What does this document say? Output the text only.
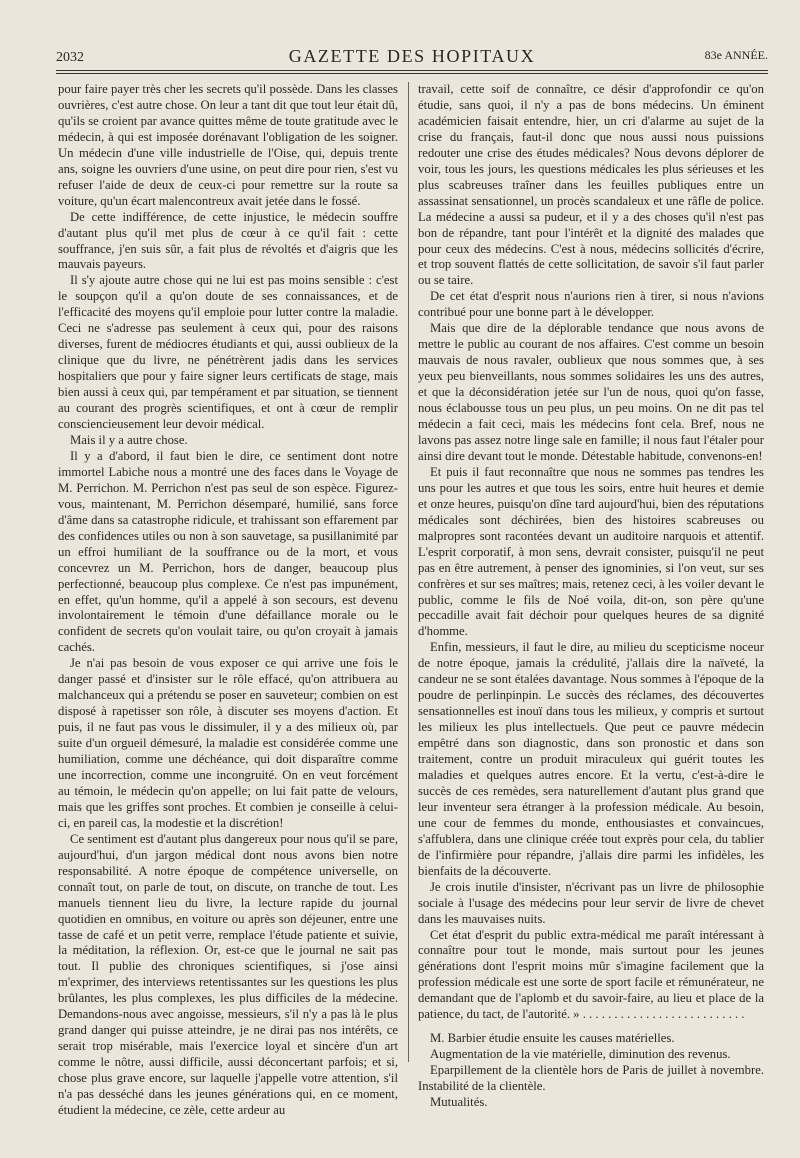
2032	GAZETTE DES HOPITAUX	83e ANNÉE.

pour faire payer très cher les secrets qu'il possède. Dans les classes ouvrières, c'est autre chose. On leur a tant dit que tout leur était dû, qu'ils se croient par avance quittes même de toute gratitude avec le médecin, à qui est imposée dorénavant l'obligation de les soigner. Un médecin d'une ville industrielle de l'Oise, qui, depuis trente ans, soigne les ouvriers d'une usine, on peut dire pour rien, s'est vu refuser l'aide de deux de ceux-ci pour remettre sur la route sa voiture, qu'un écart malencontreux avait jetée dans le fossé.

De cette indifférence, de cette injustice, le médecin souffre d'autant plus qu'il met plus de cœur à ce qu'il fait : cette souffrance, j'en suis sûr, a fait plus de révoltés et d'aigris que les mauvais payeurs.

Il s'y ajoute autre chose qui ne lui est pas moins sensible : c'est le soupçon qu'il a qu'on doute de ses connaissances, et de l'efficacité des moyens qu'il emploie pour lutter contre la maladie. Ceci ne s'adresse pas seulement à ceux qui, pour des raisons diverses, furent de médiocres étudiants et qui, aussi oublieux de la clinique que du livre, ne pénétrèrent jadis dans les services hospitaliers que pour y faire signer leurs certificats de stage, mais bien aussi à ceux qui, par tempérament et par situation, se tiennent au courant des progrès scientifiques, et ont à cœur de remplir consciencieusement leur devoir médical.

Mais il y a autre chose.

Il y a d'abord, il faut bien le dire, ce sentiment dont notre immortel Labiche nous a montré une des faces dans le Voyage de M. Perrichon. M. Perrichon n'est pas seul de son espèce. Figurez-vous, maintenant, M. Perrichon désemparé, humilié, sans force d'âme dans sa catastrophe ridicule, et trahissant son effarement par des confidences utiles ou non à son sauvetage, sa pusillanimité par un effroi humiliant de la souffrance ou de la mort, et vous concevrez un M. Perrichon, hors de danger, beaucoup plus perfectionné, beaucoup plus complexe. Ce n'est pas impunément, en effet, qu'un homme, qu'il a appelé à son secours, est devenu involontairement le témoin d'une défaillance morale ou le confident de secrets qu'on voulait taire, ou qu'on croyait à jamais cachés.

Je n'ai pas besoin de vous exposer ce qui arrive une fois le danger passé et d'insister sur le rôle effacé, qu'on attribuera au malchanceux qui a prétendu se poser en sauveteur; combien on est disposé à rapetisser son rôle, à discuter ses moyens d'action. Et puis, il ne faut pas vous le dissimuler, il y a des milieux où, par suite d'un orgueil démesuré, la maladie est considérée comme une humiliation, comme une déchéance, qui doit disparaître comme une incorrection, comme une incongruité. On en veut forcément au témoin, le médecin qu'on appelle; on lui fait patte de velours, mais que les griffes sont proches. Et combien je conseille à celui-ci, en pareil cas, la modestie et la discrétion!

Ce sentiment est d'autant plus dangereux pour nous qu'il se pare, aujourd'hui, d'un jargon médical dont nous avons bien notre responsabilité. A notre époque de compétence universelle, on connaît tout, on parle de tout, on discute, on tranche de tout. Les manuels tiennent lieu du livre, la lecture rapide du journal quotidien en omnibus, en voiture ou après son déjeuner, entre une tasse de café et un petit verre, remplace l'étude patiente et suivie, la méditation, la réflexion. Or, est-ce que le journal ne sait pas tout. Il publie des chroniques scientifiques, si j'ose ainsi m'exprimer, des interviews retentissantes sur les questions les plus brûlantes, les plus complexes, les plus difficiles de la médecine. Demandons-nous avec angoisse, messieurs, s'il n'y a pas là le plus grand danger qui puisse atteindre, je ne dirai pas nos intérêts, ce serait trop misérable, mais l'exercice loyal et sincère d'un art comme le nôtre, aussi difficile, aussi déconcertant parfois; et si, chose plus grave encore, sur laquelle j'appelle votre attention, s'il n'a pas desséché dans les jeunes générations qui, en ce moment, étudient la médecine, ce zèle, cette ardeur au

travail, cette soif de connaître, ce désir d'approfondir ce qu'on étudie, sans quoi, il n'y a pas de bons médecins. Un éminent académicien faisait entendre, hier, un cri d'alarme au sujet de la crise du français, faut-il donc que nous aussi nous puissions redouter une crise des études médicales? Nous devons déplorer de voir, tous les jours, les questions médicales les plus sérieuses et les plus scabreuses traîner dans les feuilles publiques entre un assassinat sensationnel, un procès scandaleux et une râfle de police. La médecine a aussi sa pudeur, et il y a des choses qu'il n'est pas bon de répandre, tant pour l'intérêt et la dignité des malades que pour ceux des médecins. C'est à nous, médecins sollicités d'écrire, et trop souvent flattés de cette sollicitation, de savoir s'il faut parler ou se taire.

De cet état d'esprit nous n'aurions rien à tirer, si nous n'avions contribué pour une bonne part à le développer.

Mais que dire de la déplorable tendance que nous avons de mettre le public au courant de nos affaires. C'est comme un besoin mauvais de nous ravaler, oublieux que nous sommes que, à ses yeux peu bienveillants, nous sommes solidaires les uns des autres, et que la déconsidération jetée sur l'un de nous, quoi qu'on fasse, nous éclabousse tous un peu plus, un peu moins. On ne dit pas tel médecin a fait ceci, mais les médecins font cela. Bref, nous ne lavons pas assez notre linge sale en famille; il nous faut l'étaler pour ainsi dire devant tout le monde. Détestable habitude, convenons-en!

Et puis il faut reconnaître que nous ne sommes pas tendres les uns pour les autres et que tous les soirs, entre huit heures et demie et onze heures, puisqu'on dîne tard aujourd'hui, bien des réputations médicales sont déchirées, bien des histoires scabreuses ou malpropres sont racontées devant un auditoire narquois et attentif. L'esprit corporatif, à mon sens, devrait consister, puisqu'il ne peut pas en être autrement, à penser des ignominies, si l'on veut, sur ses confrères et sur ses maîtres; mais, retenez ceci, à les voiler devant le public, comme le fils de Noé voila, dit-on, son père qu'une peccadille avait fait déchoir pour quelques heures de sa dignité d'homme.

Enfin, messieurs, il faut le dire, au milieu du scepticisme noceur de notre époque, jamais la crédulité, j'allais dire la naïveté, la candeur ne se sont étalées davantage. Nous sommes à l'époque de la poudre de perlinpinpin. Le succès des réclames, des découvertes sensationnelles est inouï dans tous les milieux, y compris et surtout les milieux les plus intellectuels. Que peut ce pauvre médecin empêtré dans son diagnostic, dans son pronostic et dans son traitement, contre un produit miraculeux qui guérit toutes les maladies et quelques autres encore. Et la vertu, c'est-à-dire le succès de ces remèdes, sera naturellement d'autant plus grand que leur inventeur sera étranger à la profession médicale. Au besoin, une cour de femmes du monde, enthousiastes et convaincues, s'affublera, dans une clinique créée tout exprès pour cela, du tablier de l'infirmière pour répandre, j'allais dire parmi les infidèles, les bienfaits de la découverte.

Je crois inutile d'insister, n'écrivant pas un livre de philosophie sociale à l'usage des médecins pour leur servir de livre de chevet dans les mauvaises nuits.

Cet état d'esprit du public extra-médical me paraît intéressant à connaître pour tout le monde, mais surtout pour les jeunes générations dont l'esprit moins mûr s'imagine facilement que la profession médicale est une sorte de sport facile et rémunérateur, ne demandant que de l'aplomb et du savoir-faire, au lieu et place de la patience, du tact, de l'autorité. » . . . . . . . . . . . . . . . . . . . . . . . . . .

M. Barbier étudie ensuite les causes matérielles.

Augmentation de la vie matérielle, diminution des revenus.

Eparpillement de la clientèle hors de Paris de juillet à novembre. Instabilité de la clientèle.

Mutualités.
